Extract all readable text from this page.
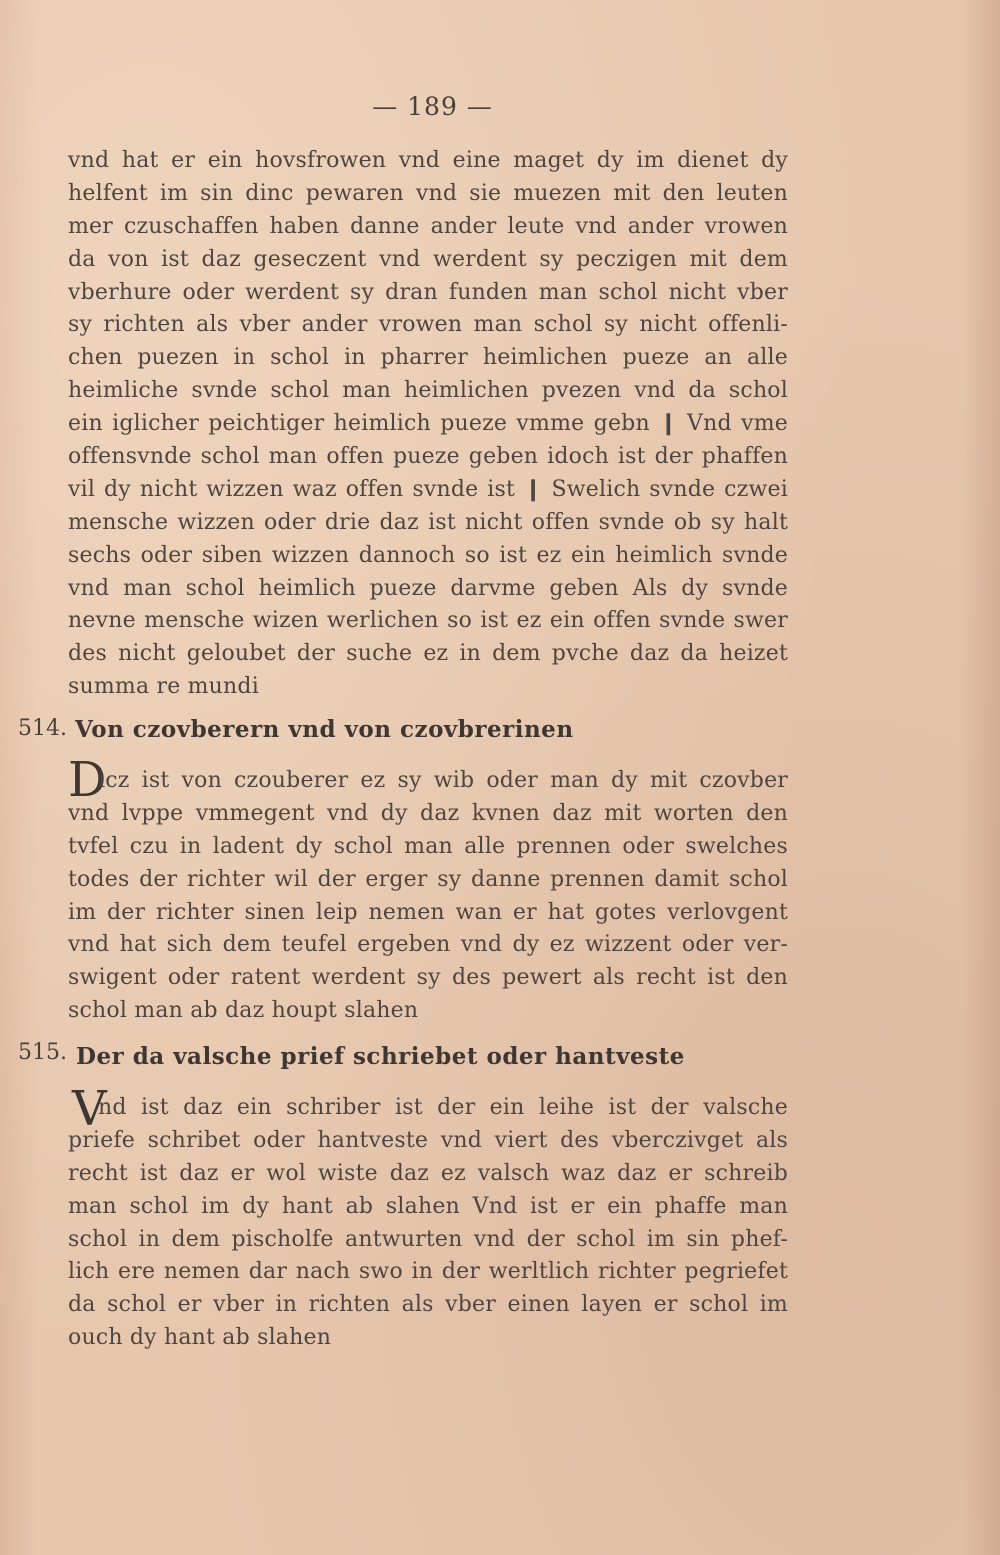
— 189 —
vnd hat er ein hovsfrowen vnd eine maget dy im dienet dy
helfent im sin dinc pewaren vnd sie muezen mit den leuten
mer czuschaffen haben danne ander leute vnd ander vrowen
da von ist daz geseczent vnd werdent sy peczigen mit dem
vberhure oder werdent sy dran funden man schol nicht vber
sy richten als vber ander vrowen man schol sy nicht offenli-
chen puezen in schol in pharrer heimlichen pueze an alle
heimliche svnde schol man heimlichen pvezen vnd da schol
ein iglicher peichtiger heimlich pueze vmme gebn ❙ Vnd vme
offensvnde schol man offen pueze geben idoch ist der phaffen
vil dy nicht wizzen waz offen svnde ist ❙ Swelich svnde czwei
mensche wizzen oder drie daz ist nicht offen svnde ob sy halt
sechs oder siben wizzen dannoch so ist ez ein heimlich svnde
vnd man schol heimlich pueze darvme geben Als dy svnde
nevne mensche wizen werlichen so ist ez ein offen svnde swer
des nicht geloubet der suche ez in dem pvche daz da heizet
summa re mundi
514. Von czovberern vnd von czovbrerinen
D
icz ist von czouberer ez sy wib oder man dy mit czovber
vnd lvppe vmmegent vnd dy daz kvnen daz mit worten den
tvfel czu in ladent dy schol man alle prennen oder swelches
todes der richter wil der erger sy danne prennen damit schol
im der richter sinen leip nemen wan er hat gotes verlovgent
vnd hat sich dem teufel ergeben vnd dy ez wizzent oder ver-
swigent oder ratent werdent sy des pewert als recht ist den
schol man ab daz houpt slahen
515. Der da valsche prief schriebet oder hantveste
V
nd ist daz ein schriber ist der ein leihe ist der valsche
priefe schribet oder hantveste vnd viert des vberczivget als
recht ist daz er wol wiste daz ez valsch waz daz er schreib
man schol im dy hant ab slahen Vnd ist er ein phaffe man
schol in dem pischolfe antwurten vnd der schol im sin phef-
lich ere nemen dar nach swo in der werltlich richter pegriefet
da schol er vber in richten als vber einen layen er schol im
ouch dy hant ab slahen
